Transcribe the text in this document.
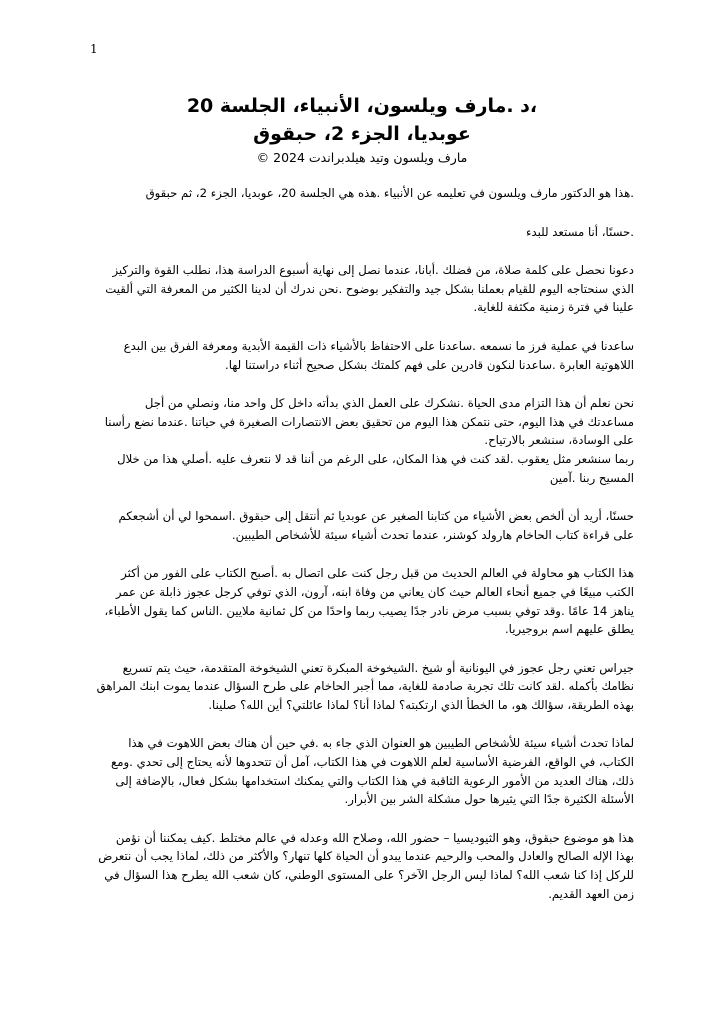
1
،د .مارف ويلسون، الأنبياء، الجلسة 20
عوبديا، الجزء 2، حبقوق
مارف ويلسون وتيد هيلدبراندت 2024 ©

.هذا هو الدكتور مارف ويلسون في تعليمه عن الأنبياء .هذه هي الجلسة 20، عوبديا، الجزء 2، ثم حبقوق

.حسنًا، أنا مستعد للبدء

دعونا نحصل على كلمة صلاة، من فضلك .أبانا، عندما نصل إلى نهاية أسبوع الدراسة هذا، نطلب القوة والتركيز الذي سنحتاجه اليوم للقيام بعملنا بشكل جيد والتفكير بوضوح .نحن ندرك أن لدينا الكثير من المعرفة التي ألقيت علينا في فترة زمنية مكثفة للغاية.

ساعدنا في عملية فرز ما نسمعه .ساعدنا على الاحتفاظ بالأشياء ذات القيمة الأبدية ومعرفة الفرق بين البدع اللاهوتية العابرة .ساعدنا لنكون قادرين على فهم كلمتك بشكل صحيح أثناء دراستنا لها.

نحن نعلم أن هذا التزام مدى الحياة .نشكرك على العمل الذي بدأته داخل كل واحد منا، ونصلي من أجل مساعدتك في هذا اليوم، حتى نتمكن هذا اليوم من تحقيق بعض الانتصارات الصغيرة في حياتنا .عندما نضع رأسنا على الوسادة، سنشعر بالارتياح.

ربما سنشعر مثل يعقوب .لقد كنت في هذا المكان، على الرغم من أننا قد لا نتعرف عليه .أصلي هذا من خلال المسيح ربنا .آمين

حسنًا، أريد أن ألخص بعض الأشياء من كتابنا الصغير عن عوبديا ثم أنتقل إلى حبقوق .اسمحوا لي أن أشجعكم على قراءة كتاب الحاخام هارولد كوشنر، عندما تحدث أشياء سيئة للأشخاص الطيبين.

هذا الكتاب هو محاولة في العالم الحديث من قبل رجل كنت على اتصال به .أصبح الكتاب على الفور من أكثر الكتب مبيعًا في جميع أنحاء العالم حيث كان يعاني من وفاة ابنه، آرون، الذي توفي كرجل عجوز ذابلة عن عمر يناهز 14 عامًا .وقد توفي بسبب مرض نادر جدًا يصيب ربما واحدًا من كل ثمانية ملايين .الناس كما يقول الأطباء، يطلق عليهم اسم بروجيريا.

جيراس تعني رجل عجوز في اليونانية أو شيخ .الشيخوخة المبكرة تعني الشيخوخة المتقدمة، حيث يتم تسريع نظامك بأكمله .لقد كانت تلك تجربة صادمة للغاية، مما أجبر الحاخام على طرح السؤال عندما يموت ابنك المراهق بهذه الطريقة، سؤالك هو، ما الخطأ الذي ارتكبته؟ لماذا أنا؟ لماذا عائلتي؟ أين الله؟ صلينا.

لماذا تحدث أشياء سيئة للأشخاص الطيبين هو العنوان الذي جاء به .في حين أن هناك بعض اللاهوت في هذا الكتاب، في الواقع، الفرضية الأساسية لعلم اللاهوت في هذا الكتاب، آمل أن تتحدوها لأنه يحتاج إلى تحدي .ومع ذلك، هناك العديد من الأمور الرعوية الثاقبة في هذا الكتاب والتي يمكنك استخدامها بشكل فعال، بالإضافة إلى الأسئلة الكثيرة جدًا التي يثيرها حول مشكلة الشر بين الأبرار.

هذا هو موضوع حبقوق، وهو الثيوديسيا – حضور الله، وصلاح الله وعدله في عالم مختلط .كيف يمكننا أن نؤمن بهذا الإله الصالح والعادل والمحب والرحيم عندما يبدو أن الحياة كلها تنهار؟ والأكثر من ذلك، لماذا يجب أن نتعرض للركل إذا كنا شعب الله؟ لماذا ليس الرجل الآخر؟ على المستوى الوطني، كان شعب الله يطرح هذا السؤال في زمن العهد القديم.
